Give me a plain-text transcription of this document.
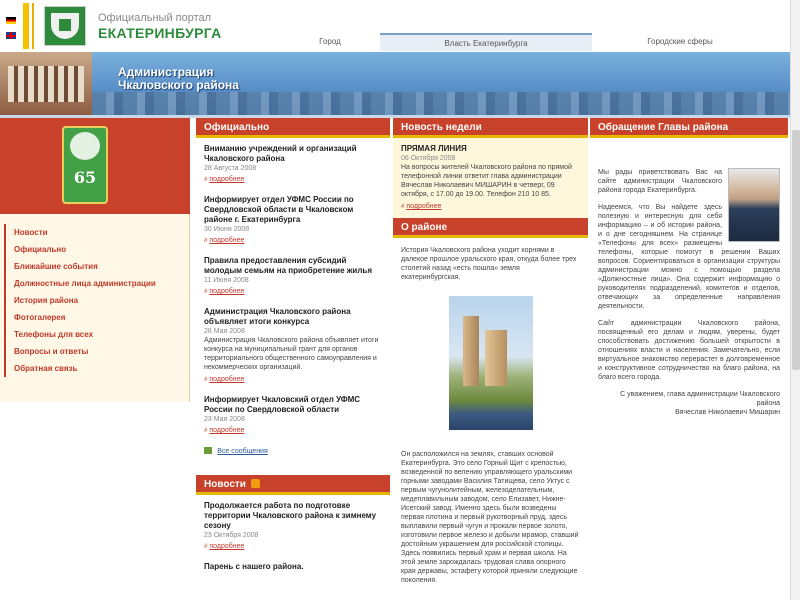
Официальный портал
ЕКАТЕРИНБУРГА
Город	Власть Екатеринбурга	Городские сферы
Администрация
Чкаловского района
65
Новости
Официально
Ближайшие события
Должностные лица администрации
История района
Фотогалерея
Телефоны для всех
Вопросы и ответы
Обратная связь
Официально
Вниманию учреждений и организаций Чкаловского района
28 Августа 2008
# подробнее
Информирует отдел УФМС России по Свердловской области в Чкаловском районе г. Екатеринбурга
30 Июня 2008
# подробнее
Правила предоставления субсидий молодым семьям на приобретение жилья
11 Июня 2008
# подробнее
Администрация Чкаловского района объявляет итоги конкурса
28 Мая 2008
Администрация Чкаловского района объявляет итоги конкурса на муниципальный грант для органов территориального общественного самоуправления и некоммерческих организаций.
# подробнее
Информирует Чкаловский отдел УФМС России по Свердловской области
23 Мая 2008
# подробнее
Все сообщения
Новости
Продолжается работа по подготовке территории Чкаловского района к зимнему сезону
23 Октября 2008
# подробнее
Парень с нашего района.
Новость недели
ПРЯМАЯ ЛИНИЯ
06 Октября 2008
На вопросы жителей Чкаловского района по прямой телефонной линии ответит глава администрации Вячеслав Николаевич МИШАРИН в четверг, 09 октября, с 17.00 до 19.00. Телефон 210 10 85.
# подробнее
О районе
История Чкаловского района уходит корнями в далекое прошлое уральского края, откуда более трех столетий назад «есть пошла» земля екатеринбургская.
Он расположился на землях, ставших основой Екатеринбурга. Это село Горный Щит с крепостью, возведенной по велению управляющего уральскими горными заводами Василия Татищева, село Уктус с первым чугунолитейным, железоделательным, медеплавильным заводом, село Елизавет, Нижне-Исетский завод. Именно здесь были возведены первая плотина и первый рукотворный пруд, здесь выплавили первый чугун и прокали первое золото, изготовили первое железо и добыли мрамор, ставший достойным украшением для российской столицы. Здесь появились первый храм и первая школа. На этой земле зарождалась трудовая слава опорного края державы, эстафету которой приняли следующие поколения.
Обращение Главы района
Мы рады приветствовать Вас на сайте администрации Чкаловского района города Екатеринбурга.
Надеемся, что Вы найдете здесь полезную и интересную для себя информацию – и об истории района, и о дне сегодняшнем. На странице «Телефоны для всех» размещены телефоны, которые помогут в решении Ваших вопросов. Сориентироваться в организации структуры администрации можно с помощью раздела «Должностные лица». Она содержит информацию о руководителях подразделений, комитетов и отделов, отвечающих за определенные направления деятельности.
Сайт администрации Чкаловского района, посвященный его делам и людям, уверены, будет способствовать достижению большей открытости в отношениях власти и населения. Замечательно, если виртуальное знакомство перерастет в долговременное и конструктивное сотрудничество на благо района, на благо всего города.
С уважением, глава администрации Чкаловского района
Вячеслав Николаевич Мишарин
